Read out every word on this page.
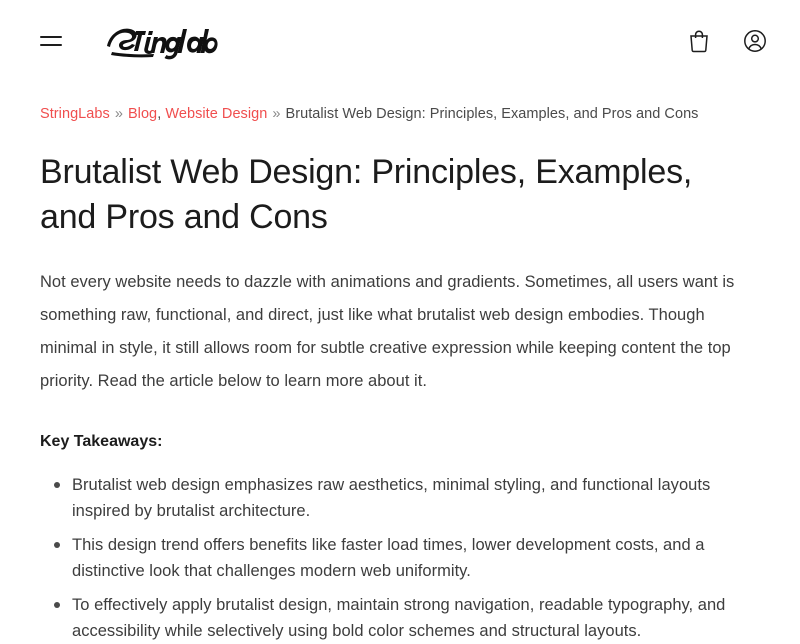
StringLabs » Blog, Website Design » Brutalist Web Design: Principles, Examples, and Pros and Cons
Brutalist Web Design: Principles, Examples, and Pros and Cons

Not every website needs to dazzle with animations and gradients. Sometimes, all users want is something raw, functional, and direct, just like what brutalist web design embodies. Though minimal in style, it still allows room for subtle creative expression while keeping content the top priority. Read the article below to learn more about it.

Key Takeaways:

Brutalist web design emphasizes raw aesthetics, minimal styling, and functional layouts inspired by brutalist architecture.
This design trend offers benefits like faster load times, lower development costs, and a distinctive look that challenges modern web uniformity.
To effectively apply brutalist design, maintain strong navigation, readable typography, and accessibility while selectively using bold color schemes and structural layouts.
